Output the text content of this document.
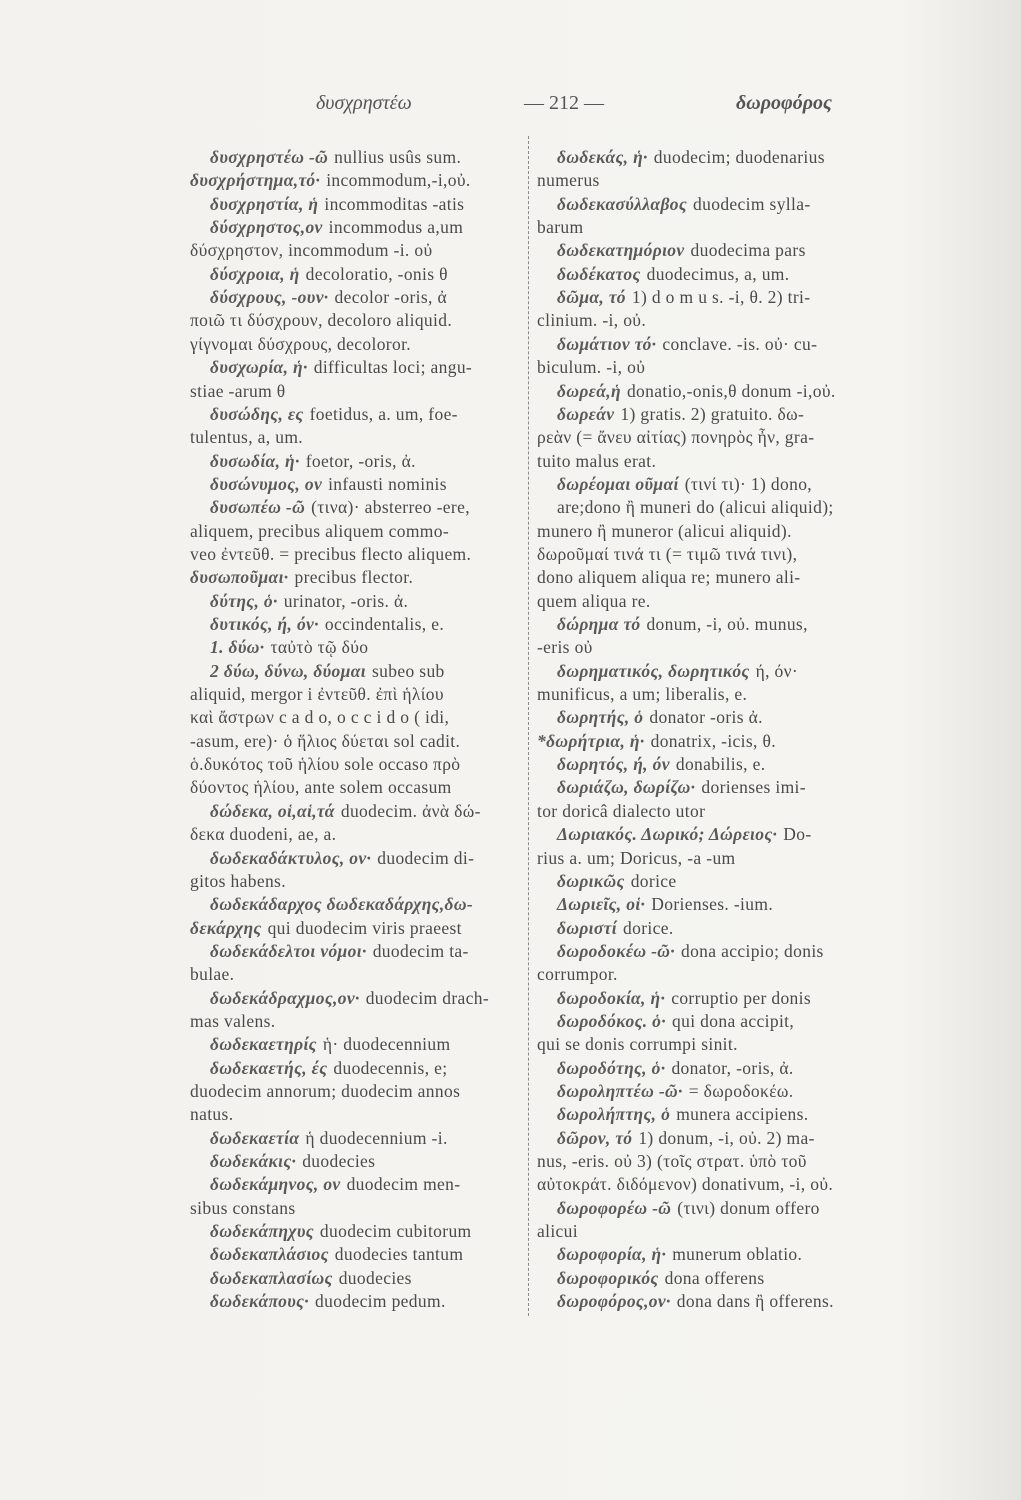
δυσχρηστέω	— 212 —	δωροφόρος
δυσχρηστέω -ῶ nullius usûs sum.
δυσχρήστημα,τό· incommodum,-i,οὐ.
δυσχρηστία, ἡ incommoditas -atis
δύσχρηστος,ον incommodus a,um
δύσχρηστον, incommodum -i. οὐ
δύσχροια, ἡ decoloratio, -onis θ
δύσχρους, -ουν· decolor -oris, ἀ
ποιῶ τι δύσχρουν, decoloro aliquid.
γίγνομαι δύσχρους, decoloror.
δυσχωρία, ἡ· difficultas loci; angu-
stiae -arum θ
δυσώδης, ες foetidus, a. um, foe-
tulentus, a, um.
δυσωδία, ἡ· foetor, -oris, ἀ.
δυσώνυμος, ον infausti nominis
δυσωπέω -ῶ (τινα)· absterreo -ere,
aliquem, precibus aliquem commo-
veo ἐντεῦθ. = precibus flecto aliquem.
δυσωποῦμαι· precibus flector.
δύτης, ὁ· urinator, -oris. ἀ.
δυτικός, ή, όν· occindentalis, e.
1. δύω· ταὐτὸ τῷ δύο
2 δύω, δύνω, δύομαι subeo sub
aliquid, mergor i ἐντεῦθ. ἐπὶ ἡλίου
καὶ ἄστρων c a d o, o c c i d o ( idi,
-asum, ere)· ὁ ἥλιος δύεται sol cadit.
ὁ.δυκότος τοῦ ἡλίου sole occaso πρὸ
δύοντος ἡλίου, ante solem occasum
δώδεκα, οἱ,αἱ,τά duodecim. ἀνὰ δώ-
δεκα duodeni, ae, a.
δωδεκαδάκτυλος, ον· duodecim di-
gitos habens.
δωδεκάδαρχος δωδεκαδάρχης,δω-
δεκάρχης qui duodecim viris praeest
δωδεκάδελτοι νόμοι· duodecim ta-
bulae.
δωδεκάδραχμος,ον· duodecim drach-
mas valens.
δωδεκαετηρίς ἡ· duodecennium
δωδεκαετής, ές duodecennis, e;
duodecim annorum; duodecim annos
natus.
δωδεκαετία ἡ duodecennium -i.
δωδεκάκις· duodecies
δωδεκάμηνος, ον duodecim men-
sibus constans
δωδεκάπηχυς duodecim cubitorum
δωδεκαπλάσιος duodecies tantum
δωδεκαπλασίως duodecies
δωδεκάπους· duodecim pedum.
δωδεκάς, ἡ· duodecim; duodenarius
numerus
δωδεκασύλλαβος duodecim sylla-
barum
δωδεκατημόριον duodecima pars
δωδέκατος duodecimus, a, um.
δῶμα, τό 1) d o m u s. -i, θ. 2) tri-
clinium. -i, οὐ.
δωμάτιον τό· conclave. -is. οὐ· cu-
biculum. -i, οὐ
δωρεά,ἡ donatio,-onis,θ donum -i,οὐ.
δωρεάν 1) gratis. 2) gratuito. δω-
ρεὰν (= ἄνευ αἰτίας) πονηρὸς ἦν, gra-
tuito malus erat.
δωρέομαι οῦμαί (τινί τι)· 1) dono,
are;dono ἢ muneri do (alicui aliquid);
munero ἢ muneror (alicui aliquid).
δωροῦμαί τινά τι (= τιμῶ τινά τινι),
dono aliquem aliqua re; munero ali-
quem aliqua re.
δώρημα τό donum, -i, οὐ. munus,
-eris οὐ
δωρηματικός, δωρητικός ή, όν·
munificus, a um; liberalis, e.
δωρητής, ὁ donator -oris ἀ.
*δωρήτρια, ἡ· donatrix, -icis, θ.
δωρητός, ή, όν donabilis, e.
δωριάζω, δωρίζω· dorienses imi-
tor doricâ dialecto utor
Δωριακός. Δωρικό; Δώρειος· Do-
rius a. um; Doricus, -a -um
δωρικῶς dorice
Δωριεῖς, οἱ· Dorienses. -ium.
δωριστί dorice.
δωροδοκέω -ῶ· dona accipio; donis
corrumpor.
δωροδοκία, ἡ· corruptio per donis
δωροδόκος. ὁ· qui dona accipit,
qui se donis corrumpi sinit.
δωροδότης, ὁ· donator, -oris, ἀ.
δωροληπτέω -ῶ· = δωροδοκέω.
δωρολήπτης, ὁ munera accipiens.
δῶρον, τό 1) donum, -i, οὐ. 2) ma-
nus, -eris. οὐ 3) (τοῖς στρατ. ὑπὸ τοῦ
αὐτοκράτ. διδόμενον) donativum, -i, οὐ.
δωροφορέω -ῶ (τινι) donum offero
alicui
δωροφορία, ἡ· munerum oblatio.
δωροφορικός dona offerens
δωροφόρος,ον· dona dans ἢ offerens.
